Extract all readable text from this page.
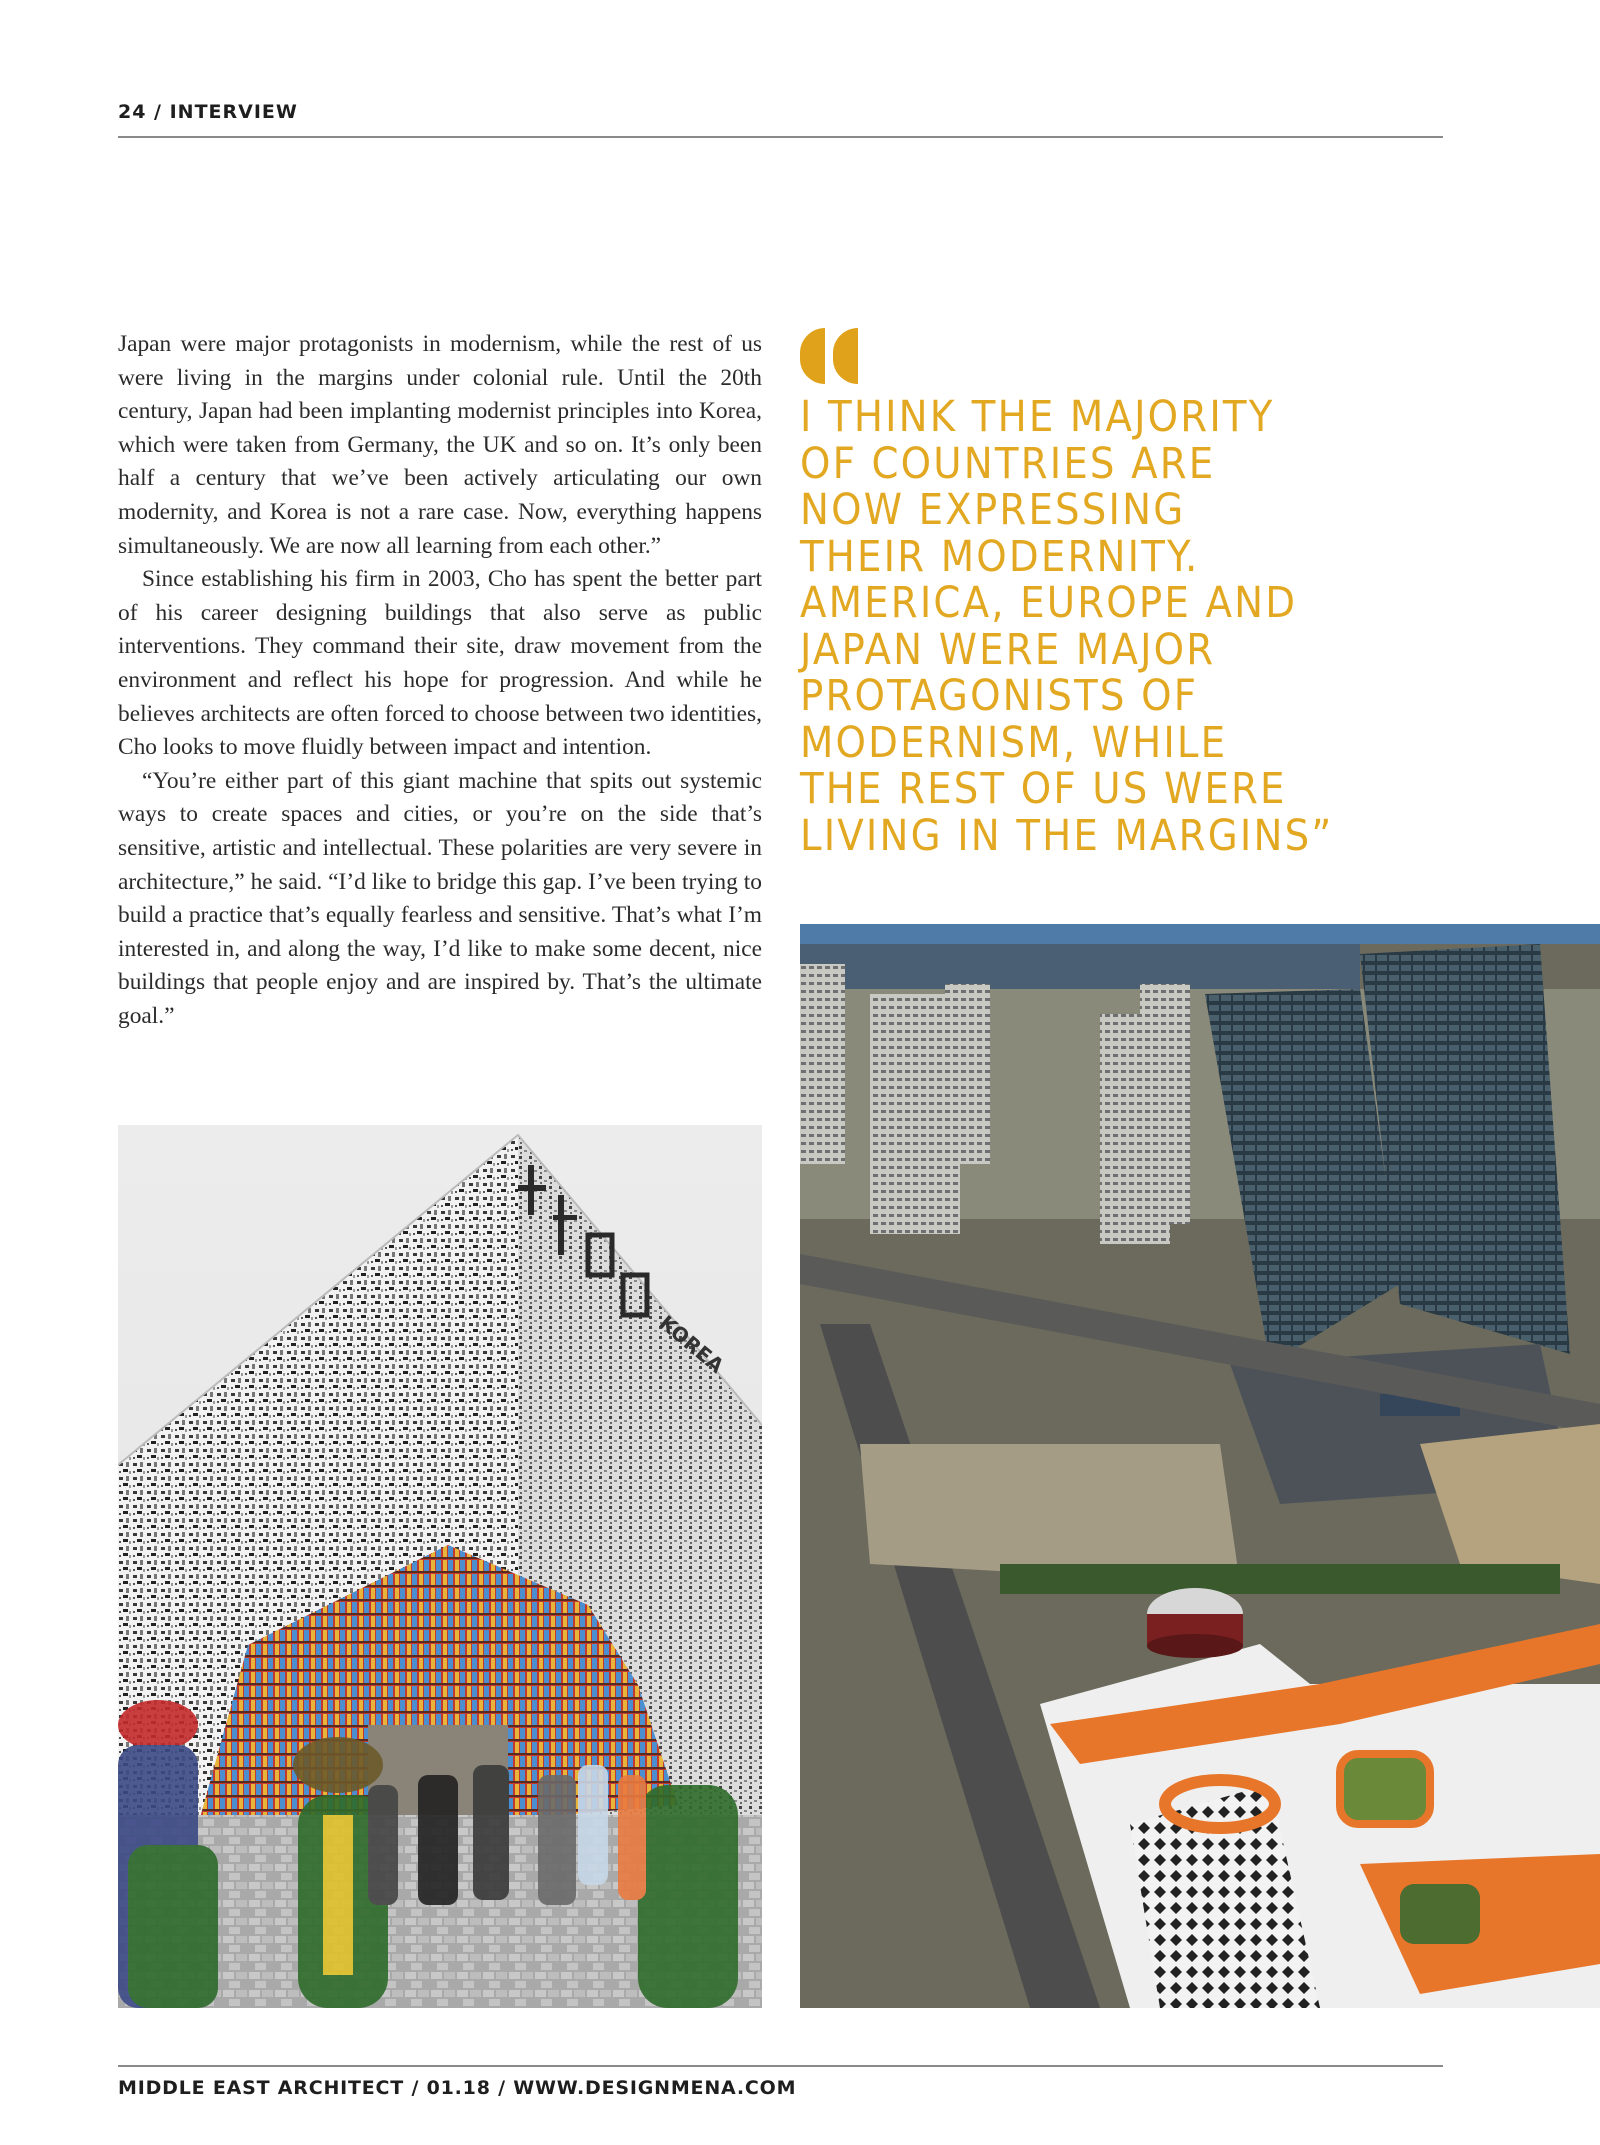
24 / INTERVIEW

Japan were major protagonists in modernism, while the rest of us were living in the margins under colonial rule. Until the 20th century, Japan had been implanting modernist principles into Korea, which were taken from Germany, the UK and so on. It’s only been half a century that we’ve been actively articulating our own modernity, and Korea is not a rare case. Now, everything happens simultaneously. We are now all learning from each other.”

Since establishing his firm in 2003, Cho has spent the better part of his career designing buildings that also serve as public interventions. They command their site, draw movement from the environment and reflect his hope for progression. And while he believes architects are often forced to choose between two identities, Cho looks to move fluidly between impact and intention.

“You’re either part of this giant machine that spits out systemic ways to create spaces and cities, or you’re on the side that’s sensitive, artistic and intellectual. These polarities are very severe in architecture,” he said. “I’d like to bridge this gap. I’ve been trying to build a practice that’s equally fearless and sensitive. That’s what I’m interested in, and along the way, I’d like to make some decent, nice buildings that people enjoy and are inspired by. That’s the ultimate goal.”

I THINK THE MAJORITY
OF COUNTRIES ARE
NOW EXPRESSING
THEIR MODERNITY.
AMERICA, EUROPE AND
JAPAN WERE MAJOR
PROTAGONISTS OF
MODERNISM, WHILE
THE REST OF US WERE
LIVING IN THE MARGINS”
KOREA
MIDDLE EAST ARCHITECT / 01.18 / WWW.DESIGNMENA.COM
